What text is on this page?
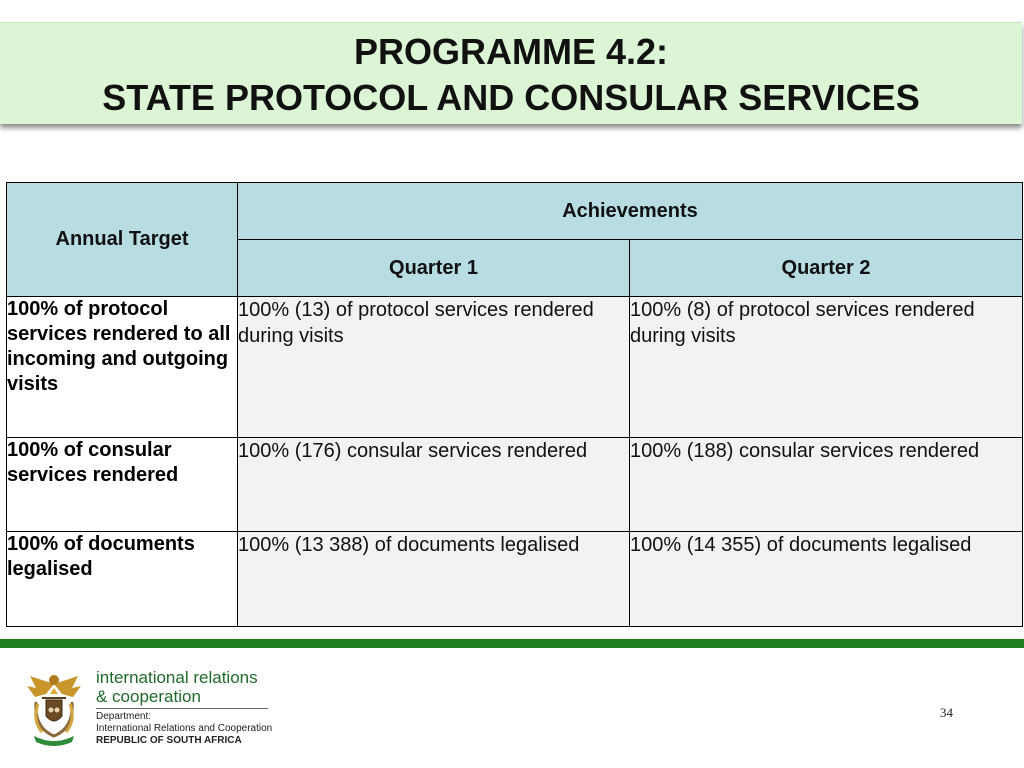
PROGRAMME 4.2:
STATE PROTOCOL AND CONSULAR SERVICES
Annual Target	Achievements	
	Quarter 1	Quarter 2
100% of protocol services rendered to all incoming and outgoing visits	100% (13) of protocol services rendered during visits	100% (8) of protocol services rendered during visits
100% of consular services rendered	100% (176) consular services rendered	100% (188) consular services rendered
100% of documents legalised	100% (13 388) of documents legalised	100% (14 355) of documents legalised
international relations
& cooperation
Department:
International Relations and Cooperation
REPUBLIC OF SOUTH AFRICA
34
